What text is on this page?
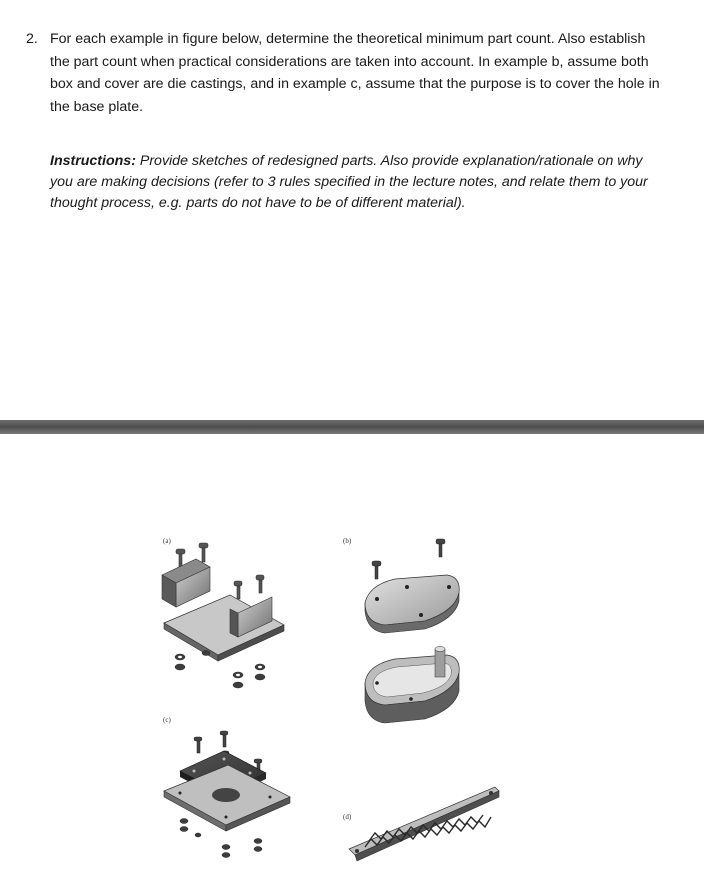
2. For each example in figure below, determine the theoretical minimum part count. Also establish the part count when practical considerations are taken into account. In example b, assume both box and cover are die castings, and in example c, assume that the purpose is to cover the hole in the base plate.
Instructions: Provide sketches of redesigned parts. Also provide explanation/rationale on why you are making decisions (refer to 3 rules specified in the lecture notes, and relate them to your thought process, e.g. parts do not have to be of different material).
(a)	(b)
(c)
(d)
